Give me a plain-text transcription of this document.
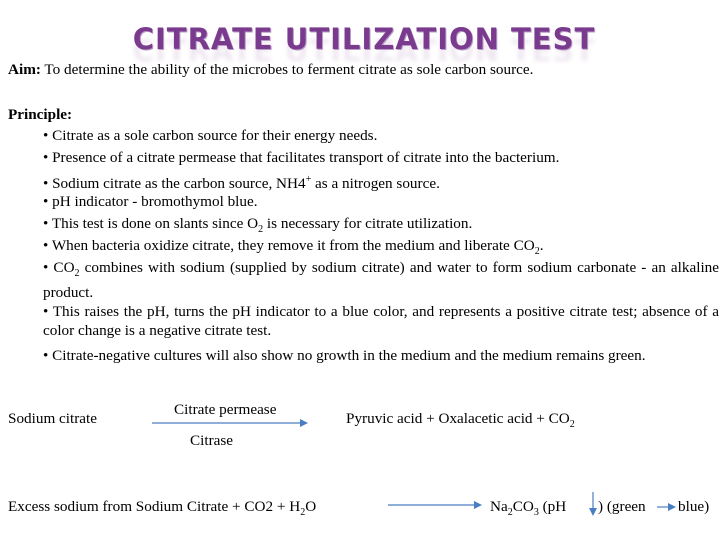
CITRATE UTILIZATION TEST
Aim: To determine the ability of the microbes to ferment citrate as sole carbon source.
Principle:
• Citrate as a sole carbon source for their energy needs.
• Presence of a citrate permease that facilitates transport of citrate into the bacterium.
• Sodium citrate as the carbon source, NH4+ as a nitrogen source.
• pH indicator - bromothymol blue.
• This test is done on slants since $O_2$ is necessary for citrate utilization.
• When bacteria oxidize citrate, they remove it from the medium and liberate $CO_2$.
• $CO_2$ combines with sodium (supplied by sodium citrate) and water to form sodium carbonate - an alkaline product.
• This raises the pH, turns the pH indicator to a blue color, and represents a positive citrate test; absence of a color change is a negative citrate test.
• Citrate-negative cultures will also show no growth in the medium and the medium remains green.
Sodium citrate
Citrate permease
Citrase
Pyruvic acid + Oxalacetic acid + $CO_2$
Excess sodium from Sodium Citrate + $CO2 + H_2O$	$Na_2CO_3$ (pH ) (green blue)
